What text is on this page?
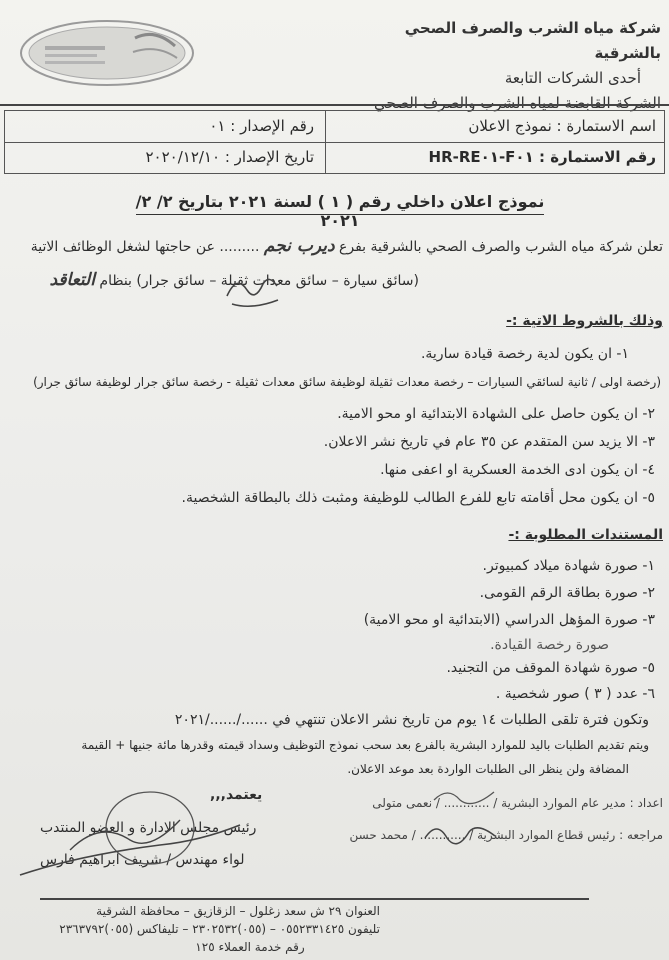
شركة مياه الشرب والصرف الصحي بالشرقية
أحدى الشركات التابعة
الشركة القابضة لمياه الشرب والصرف الصحي
اسم الاستمارة : نموذج الاعلان
رقم الاستمارة : HR-RE۰۱-F۰۱
رقم الإصدار : ۰۱
تاريخ الإصدار : ۲۰۲۰/۱۲/۱۰
نموذج اعلان داخلي رقم ( ۱ ) لسنة ۲۰۲۱ بتاريخ ۲/ ۲/ ۲۰۲۱
تعلن شركة مياه الشرب والصرف الصحي بالشرقية بفرع ديرب نجم ......... عن حاجتها لشغل الوظائف الاتية
(سائق سيارة – سائق معدات ثقيلة – سائق جرار) بنظام التعاقد
وذلك بالشروط الاتية :-
۱- ان يكون لدية رخصة قيادة سارية.
(رخصة اولى / ثانية لسائقي السيارات – رخصة معدات ثقيلة لوظيفة سائق معدات ثقيلة - رخصة سائق جرار لوظيفة سائق جرار)
۲- ان يكون حاصل على الشهادة الابتدائية او محو الامية.
۳- الا يزيد سن المتقدم عن ۳٥ عام في تاريخ نشر الاعلان.
٤- ان يكون ادى الخدمة العسكرية او اعفى منها.
٥- ان يكون محل أقامته تابع للفرع الطالب للوظيفة ومثبت ذلك بالبطاقة الشخصية.
المستندات المطلوبة :-
۱- صورة شهادة ميلاد كمبيوتر.
۲- صورة بطاقة الرقم القومى.
۳- صورة المؤهل الدراسي (الابتدائية او محو الامية)
صورة رخصة القيادة.
٥- صورة شهادة الموقف من التجنيد.
٦- عدد ( ۳ ) صور شخصية .
وتكون فترة تلقى الطلبات ۱٤ يوم من تاريخ نشر الاعلان تنتهي في ....../....../۲۰۲۱
ويتم تقديم الطلبات باليد للموارد البشرية بالفرع بعد سحب نموذج التوظيف وسداد قيمته وقدرها مائة جنيها + القيمة
المضافة ولن ينظر الى الطلبات الواردة بعد موعد الاعلان.
يعتمد,,,	اعداد : مدير عام الموارد البشرية / ............ / نعمى متولى
مراجعه : رئيس قطاع الموارد البشرية / ............ / محمد حسن
رئيس مجلس الادارة و العضو المنتدب
لواء مهندس / شريف ابراهيم فارس
العنوان ۲۹ ش سعد زغلول – الزقازيق – محافظة الشرقية
تليفون ۰٥٥۲۳۳۱٤۲٥ – (۰٥٥)۲۳۰۲٥۳۲ – تليفاكس (۰٥٥)۲۳٦۳۷۹۲
رقم خدمة العملاء ۱۲٥
